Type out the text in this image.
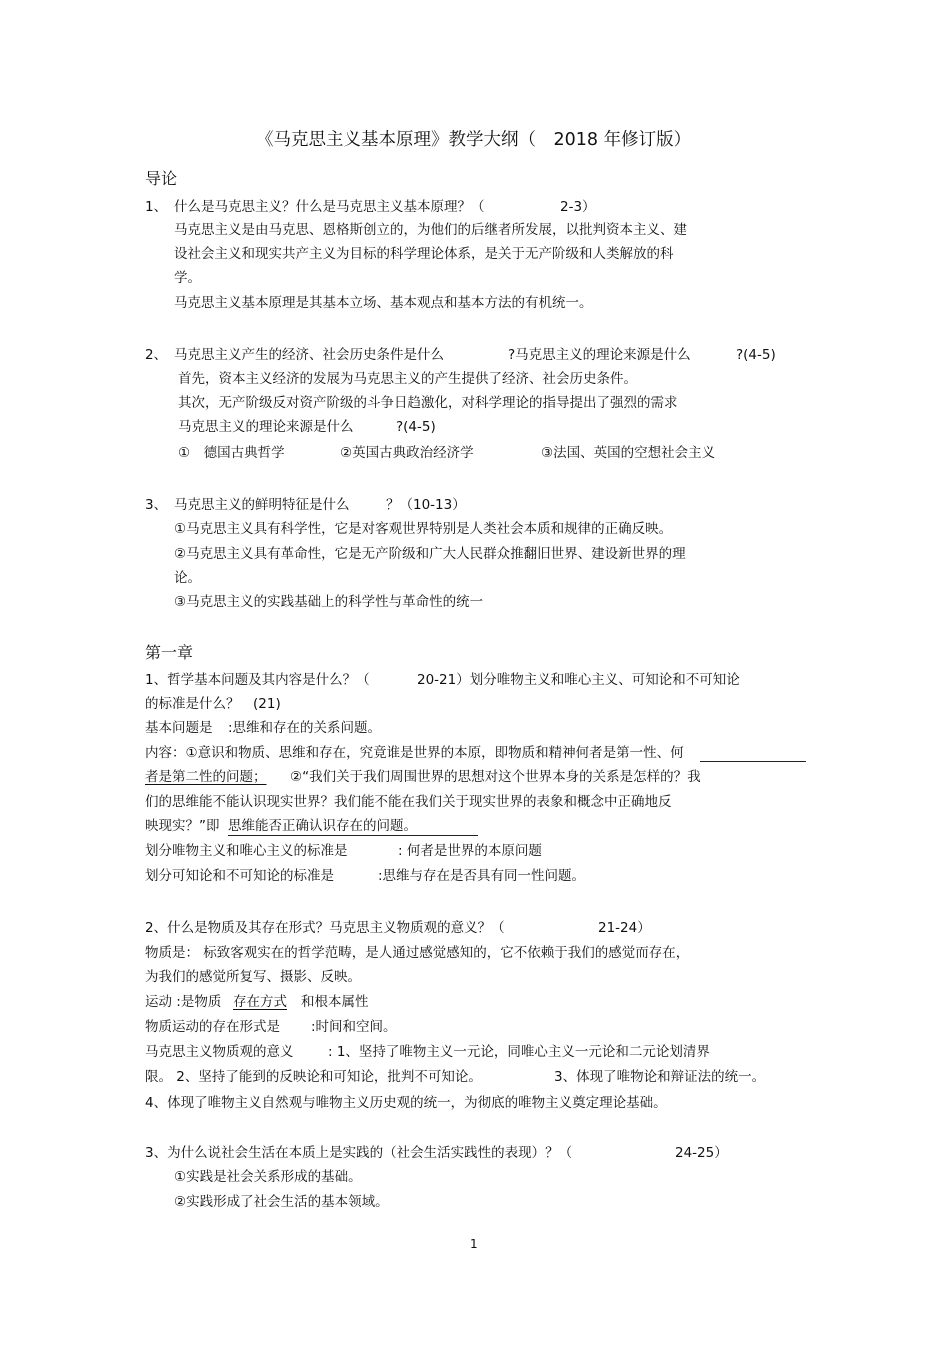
《马克思主义基本原理》教学大纲（　2018 年修订版）
导论
1、 什么是马克思主义？什么是马克思主义基本原理？（	2-3）
马克思主义是由马克思、恩格斯创立的，为他们的后继者所发展，以批判资本主义、建
设社会主义和现实共产主义为目标的科学理论体系，是关于无产阶级和人类解放的科
学。
马克思主义基本原理是其基本立场、基本观点和基本方法的有机统一。
2、 马克思主义产生的经济、社会历史条件是什么	?马克思主义的理论来源是什么	?(4-5)
首先，资本主义经济的发展为马克思主义的产生提供了经济、社会历史条件。
其次，无产阶级反对资产阶级的斗争日趋激化，对科学理论的指导提出了强烈的需求
马克思主义的理论来源是什么	?(4-5)
①　德国古典哲学	②英国古典政治经济学	③法国、英国的空想社会主义
3、 马克思主义的鲜明特征是什么	？（10-13）
①马克思主义具有科学性，它是对客观世界特别是人类社会本质和规律的正确反映。
②马克思主义具有革命性，它是无产阶级和广大人民群众推翻旧世界、建设新世界的理
论。
③马克思主义的实践基础上的科学性与革命性的统一
第一章
1、哲学基本问题及其内容是什么？（	20-21）划分唯物主义和唯心主义、可知论和不可知论
的标准是什么？　(21)
基本问题是 :思维和存在的关系问题。
内容：①意识和物质、思维和存在，究竟谁是世界的本原，即物质和精神何者是第一性、何
者是第二性的问题； ②“我们关于我们周围世界的思想对这个世界本身的关系是怎样的？我
们的思维能不能认识现实世界？我们能不能在我们关于现实世界的表象和概念中正确地反
映现实？”即 思维能否正确认识存在的问题。
划分唯物主义和唯心主义的标准是	: 何者是世界的本原问题
划分可知论和不可知论的标准是	:思维与存在是否具有同一性问题。
2、什么是物质及其存在形式？马克思主义物质观的意义？（	21-24）
物质是： 标致客观实在的哲学范畴，是人通过感觉感知的，它不依赖于我们的感觉而存在，
为我们的感觉所复写、摄影、反映。
运动 :是物质 存在方式 和根本属性
物质运动的存在形式是 :时间和空间。
马克思主义物质观的意义	: 1、坚持了唯物主义一元论，同唯心主义一元论和二元论划清界
限。 2、坚持了能到的反映论和可知论，批判不可知论。	3、体现了唯物论和辩证法的统一。
4、体现了唯物主义自然观与唯物主义历史观的统一，为彻底的唯物主义奠定理论基础。
3、为什么说社会生活在本质上是实践的（社会生活实践性的表现）？（	24-25）
①实践是社会关系形成的基础。
②实践形成了社会生活的基本领域。
1
